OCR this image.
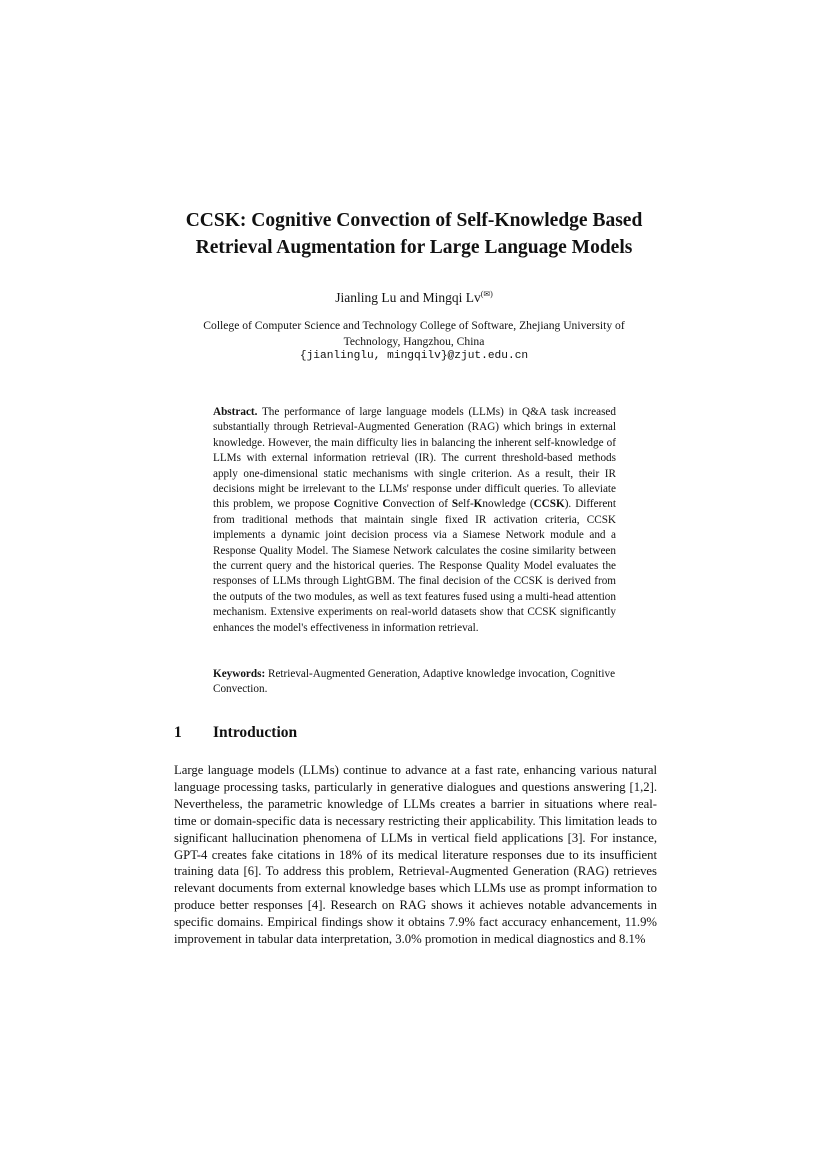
CCSK: Cognitive Convection of Self-Knowledge Based
Retrieval Augmentation for Large Language Models
Jianling Lu and Mingqi Lv(✉)
College of Computer Science and Technology College of Software, Zhejiang University of
Technology, Hangzhou, China
{jianlinglu, mingqilv}@zjut.edu.cn
Abstract. The performance of large language models (LLMs) in Q&A task increased substantially through Retrieval-Augmented Generation (RAG) which brings in external knowledge. However, the main difficulty lies in balancing the inherent self-knowledge of LLMs with external information retrieval (IR). The current threshold-based methods apply one-dimensional static mechanisms with single criterion. As a result, their IR decisions might be irrelevant to the LLMs' response under difficult queries. To alleviate this problem, we propose Cognitive Convection of Self-Knowledge (CCSK). Different from traditional methods that maintain single fixed IR activation criteria, CCSK implements a dynamic joint decision process via a Siamese Network module and a Response Quality Model. The Siamese Network calculates the cosine similarity between the current query and the historical queries. The Response Quality Model evaluates the responses of LLMs through LightGBM. The final decision of the CCSK is derived from the outputs of the two modules, as well as text features fused using a multi-head attention mechanism. Extensive experiments on real-world datasets show that CCSK significantly enhances the model's effectiveness in information retrieval.
Keywords: Retrieval-Augmented Generation, Adaptive knowledge invocation, Cognitive Convection.
1 Introduction
Large language models (LLMs) continue to advance at a fast rate, enhancing various natural language processing tasks, particularly in generative dialogues and questions answering [1,2]. Nevertheless, the parametric knowledge of LLMs creates a barrier in situations where real-time or domain-specific data is necessary restricting their applicability. This limitation leads to significant hallucination phenomena of LLMs in vertical field applications [3]. For instance, GPT-4 creates fake citations in 18% of its medical literature responses due to its insufficient training data [6]. To address this problem, Retrieval-Augmented Generation (RAG) retrieves relevant documents from external knowledge bases which LLMs use as prompt information to produce better responses [4]. Research on RAG shows it achieves notable advancements in specific domains. Empirical findings show it obtains 7.9% fact accuracy enhancement, 11.9% improvement in tabular data interpretation, 3.0% promotion in medical diagnostics and 8.1%
